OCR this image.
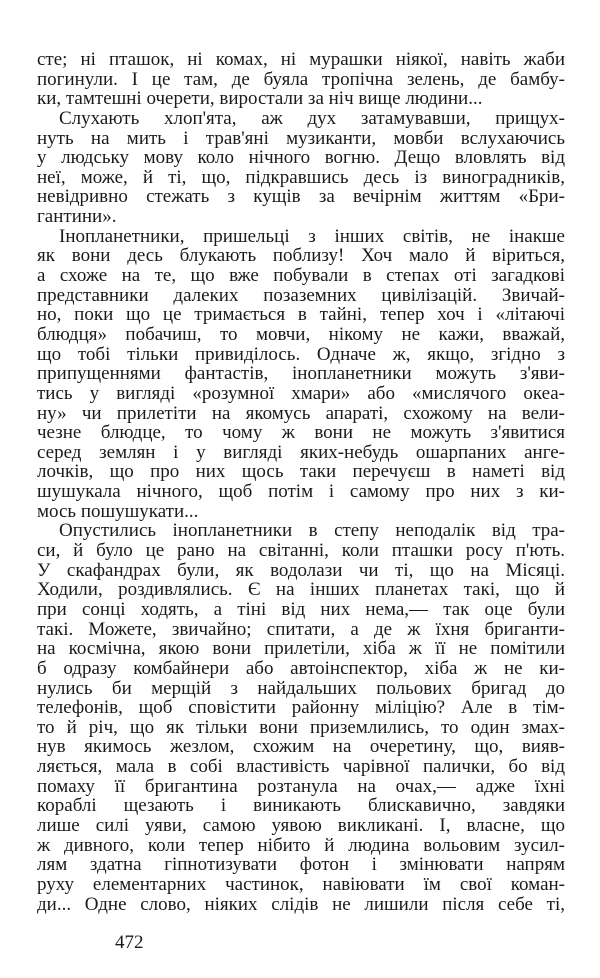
сте; ні пташок, ні комах, ні мурашки ніякої, навіть жаби
погинули. І це там, де буяла тропічна зелень, де бамбу-
ки, тамтешні очерети, виростали за ніч вище людини...
Слухають хлоп'ята, аж дух затамувавши, прищух-
нуть на мить і трав'яні музиканти, мовби вслухаючись
у людську мову коло нічного вогню. Дещо вловлять від
неї, може, й ті, що, підкравшись десь із виноградників,
невідривно стежать з кущів за вечірнім життям «Бри-
гантини».
Інопланетники, пришельці з інших світів, не інакше
як вони десь блукають поблизу! Хоч мало й віриться,
а схоже на те, що вже побували в степах оті загадкові
представники далеких позаземних цивілізацій. Звичай-
но, поки що це тримається в тайні, тепер хоч і «літаючі
блюдця» побачиш, то мовчи, нікому не кажи, вважай,
що тобі тільки привиділось. Одначе ж, якщо, згідно з
припущеннями фантастів, інопланетники можуть з'яви-
тись у вигляді «розумної хмари» або «мислячого океа-
ну» чи прилетіти на якомусь апараті, схожому на вели-
чезне блюдце, то чому ж вони не можуть з'явитися
серед землян і у вигляді яких-небудь ошарпаних анге-
лочків, що про них щось таки перечуєш в наметі від
шушукала нічного, щоб потім і самому про них з ки-
мось пошушукати...
Опустились інопланетники в степу неподалік від тра-
си, й було це рано на світанні, коли пташки росу п'ють.
У скафандрах були, як водолази чи ті, що на Місяці.
Ходили, роздивлялись. Є на інших планетах такі, що й
при сонці ходять, а тіні від них нема,— так оце були
такі. Можете, звичайно; спитати, а де ж їхня бриганти-
на космічна, якою вони прилетіли, хіба ж її не помітили
б одразу комбайнери або автоінспектор, хіба ж не ки-
нулись би мерщій з найдальших польових бригад до
телефонів, щоб сповістити районну міліцію? Але в тім-
то й річ, що як тільки вони приземлились, то один змах-
нув якимось жезлом, схожим на очеретину, що, вияв-
ляється, мала в собі властивість чарівної палички, бо від
помаху її бригантина розтанула на очах,— адже їхні
кораблі щезають і виникають блискавично, завдяки
лише силі уяви, самою уявою викликані. І, власне, що
ж дивного, коли тепер нібито й людина вольовим зусил-
лям здатна гіпнотизувати фотон і змінювати напрям
руху елементарних частинок, навіювати їм свої коман-
ди... Одне слово, ніяких слідів не лишили після себе ті,
472
